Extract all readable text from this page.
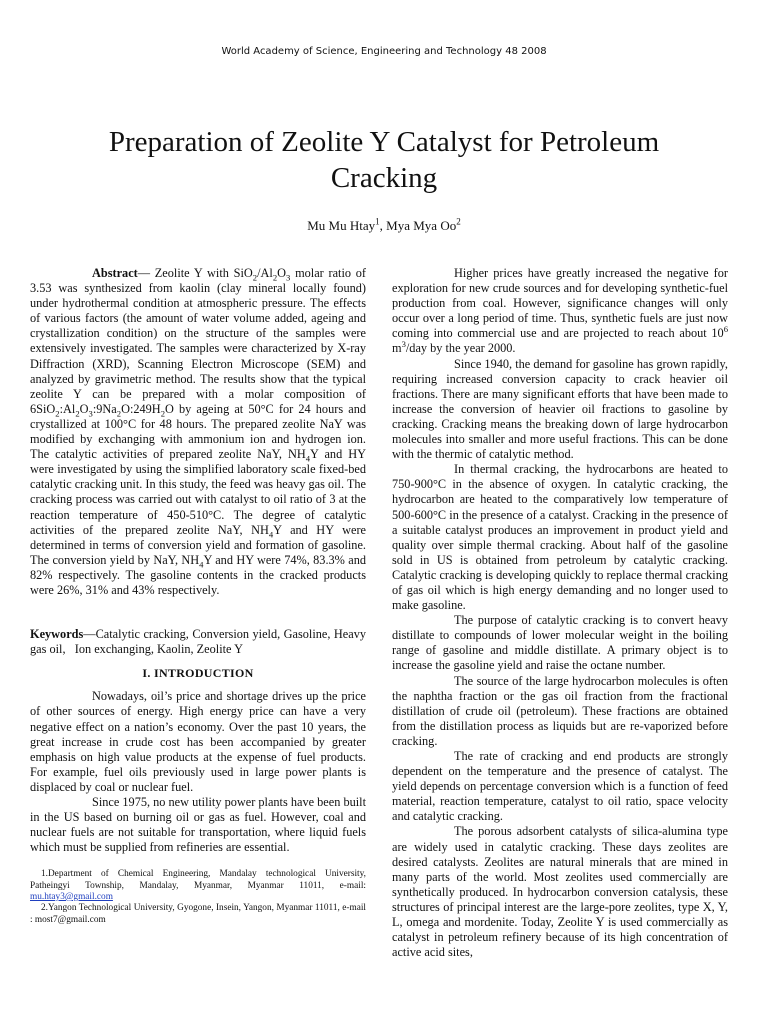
World Academy of Science, Engineering and Technology 48 2008
Preparation of Zeolite Y Catalyst for Petroleum Cracking
Mu Mu Htay$^1$, Mya Mya Oo$^2$

Abstract— Zeolite Y with $SiO_2/Al_2O_3$ molar ratio of 3.53 was synthesized from kaolin (clay mineral locally found) under hydrothermal condition at atmospheric pressure. The effects of various factors (the amount of water volume added, ageing and crystallization condition) on the structure of the samples were extensively investigated. The samples were characterized by X-ray Diffraction (XRD), Scanning Electron Microscope (SEM) and analyzed by gravimetric method. The results show that the typical zeolite Y can be prepared with a molar composition of $6SiO_2:Al_2O_3:9Na_2O:249H_2O$ by ageing at 50°C for 24 hours and crystallized at 100°C for 48 hours. The prepared zeolite NaY was modified by exchanging with ammonium ion and hydrogen ion. The catalytic activities of prepared zeolite NaY, $NH_4Y$ and HY were investigated by using the simplified laboratory scale fixed-bed catalytic cracking unit. In this study, the feed was heavy gas oil. The cracking process was carried out with catalyst to oil ratio of 3 at the reaction temperature of 450-510°C. The degree of catalytic activities of the prepared zeolite NaY, $NH_4Y$ and HY were determined in terms of conversion yield and formation of gasoline. The conversion yield by NaY, $NH_4Y$ and HY were 74%, 83.3% and 82% respectively. The gasoline contents in the cracked products were 26%, 31% and 43% respectively.

Keywords—Catalytic cracking, Conversion yield, Gasoline, Heavy gas oil,   Ion exchanging, Kaolin, Zeolite Y

I. INTRODUCTION

Nowadays, oil’s price and shortage drives up the price of other sources of energy. High energy price can have a very negative effect on a nation’s economy. Over the past 10 years, the great increase in crude cost has been accompanied by greater emphasis on high value products at the expense of fuel products. For example, fuel oils previously used in large power plants is displaced by coal or nuclear fuel.

Since 1975, no new utility power plants have been built in the US based on burning oil or gas as fuel. However, coal and nuclear fuels are not suitable for transportation, where liquid fuels which must be supplied from refineries are essential.

1.Department of Chemical Engineering, Mandalay technological University, Patheingyi Township, Mandalay, Myanmar, Myanmar 11011, e-mail: mu.htay3@gmail.com

2.Yangon Technological University, Gyogone, Insein, Yangon, Myanmar 11011, e-mail : most7@gmail.com

Higher prices have greatly increased the negative for exploration for new crude sources and for developing synthetic-fuel production from coal. However, significance changes will only occur over a long period of time. Thus, synthetic fuels are just now coming into commercial use and are projected to reach about $10^6$ $m^3$/day by the year 2000.

Since 1940, the demand for gasoline has grown rapidly, requiring increased conversion capacity to crack heavier oil fractions. There are many significant efforts that have been made to increase the conversion of heavier oil fractions to gasoline by cracking. Cracking means the breaking down of large hydrocarbon molecules into smaller and more useful fractions. This can be done with the thermic of catalytic method.

In thermal cracking, the hydrocarbons are heated to 750-900°C in the absence of oxygen. In catalytic cracking, the hydrocarbon are heated to the comparatively low temperature of 500-600°C in the presence of a catalyst. Cracking in the presence of a suitable catalyst produces an improvement in product yield and quality over simple thermal cracking. About half of the gasoline sold in US is obtained from petroleum by catalytic cracking. Catalytic cracking is developing quickly to replace thermal cracking of gas oil which is high energy demanding and no longer used to make gasoline.

The purpose of catalytic cracking is to convert heavy distillate to compounds of lower molecular weight in the boiling range of gasoline and middle distillate. A primary object is to increase the gasoline yield and raise the octane number.

The source of the large hydrocarbon molecules is often the naphtha fraction or the gas oil fraction from the fractional distillation of crude oil (petroleum). These fractions are obtained from the distillation process as liquids but are re-vaporized before cracking.

The rate of cracking and end products are strongly dependent on the temperature and the presence of catalyst. The yield depends on percentage conversion which is a function of feed material, reaction temperature, catalyst to oil ratio, space velocity and catalytic cracking.

The porous adsorbent catalysts of silica-alumina type are widely used in catalytic cracking. These days zeolites are desired catalysts. Zeolites are natural minerals that are mined in many parts of the world. Most zeolites used commercially are synthetically produced. In hydrocarbon conversion catalysis, these structures of principal interest are the large-pore zeolites, type X, Y, L, omega and mordenite. Today, Zeolite Y is used commercially as catalyst in petroleum refinery because of its high concentration of active acid sites,
